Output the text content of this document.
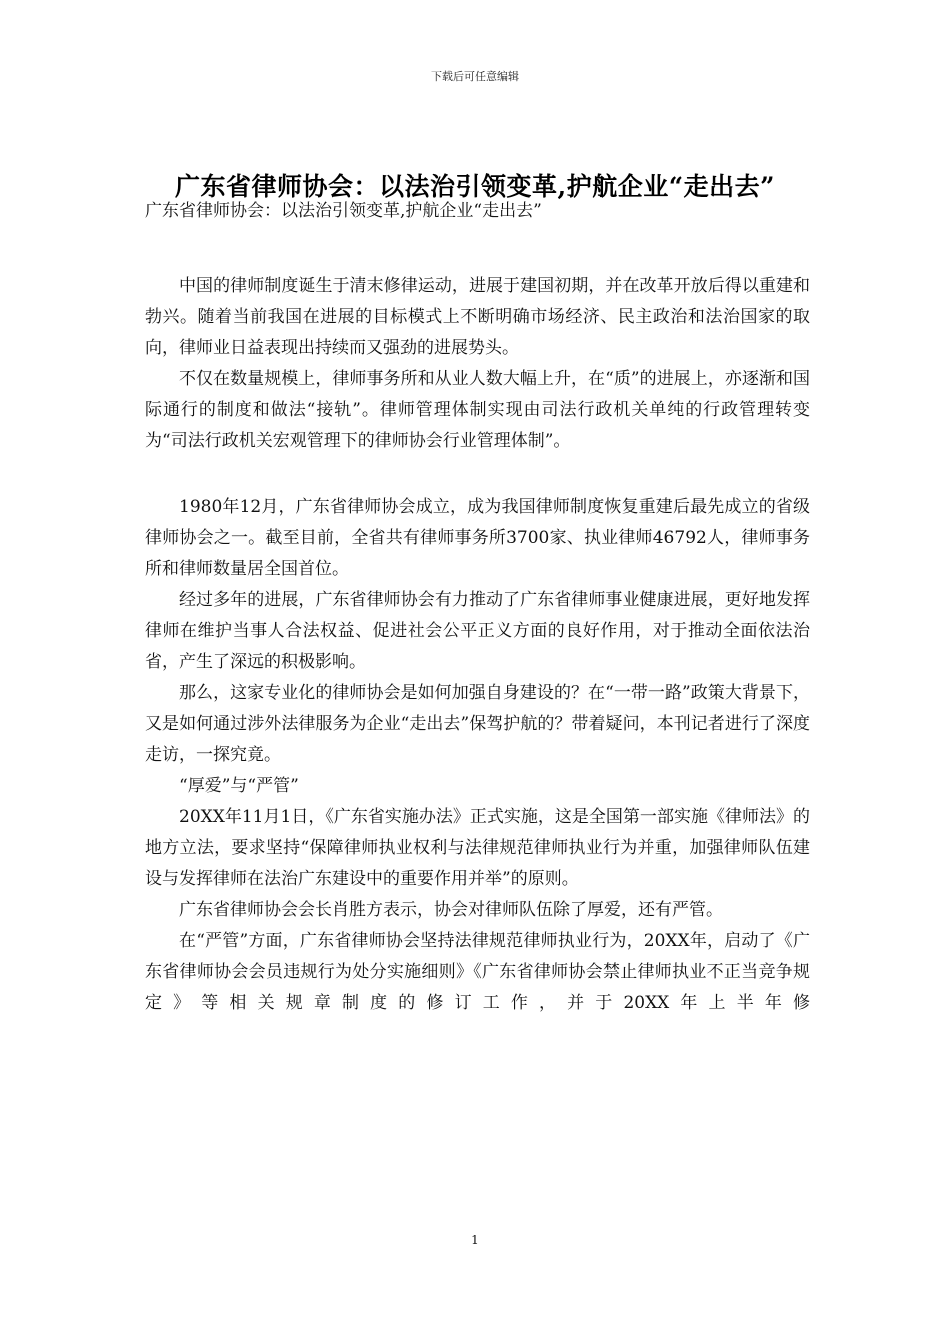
下载后可任意编辑
广东省律师协会：以法治引领变革,护航企业“走出去”

广东省律师协会：以法治引领变革,护航企业“走出去”

中国的律师制度诞生于清末修律运动，进展于建国初期，并在改革开放后得以重建和勃兴。随着当前我国在进展的目标模式上不断明确市场经济、民主政治和法治国家的取向，律师业日益表现出持续而又强劲的进展势头。

不仅在数量规模上，律师事务所和从业人数大幅上升，在“质”的进展上，亦逐渐和国际通行的制度和做法“接轨”。律师管理体制实现由司法行政机关单纯的行政管理转变为“司法行政机关宏观管理下的律师协会行业管理体制”。

1980年12月，广东省律师协会成立，成为我国律师制度恢复重建后最先成立的省级律师协会之一。截至目前，全省共有律师事务所3700家、执业律师46792人，律师事务所和律师数量居全国首位。

经过多年的进展，广东省律师协会有力推动了广东省律师事业健康进展，更好地发挥律师在维护当事人合法权益、促进社会公平正义方面的良好作用，对于推动全面依法治省，产生了深远的积极影响。

那么，这家专业化的律师协会是如何加强自身建设的？在“一带一路”政策大背景下，又是如何通过涉外法律服务为企业“走出去”保驾护航的？带着疑问，本刊记者进行了深度走访，一探究竟。

“厚爱”与“严管”

20XX年11月1日，《广东省实施办法》正式实施，这是全国第一部实施《律师法》的地方立法，要求坚持“保障律师执业权利与法律规范律师执业行为并重，加强律师队伍建设与发挥律师在法治广东建设中的重要作用并举”的原则。

广东省律师协会会长肖胜方表示，协会对律师队伍除了厚爱，还有严管。

在“严管”方面，广东省律师协会坚持法律规范律师执业行为，20XX年，启动了《广东省律师协会会员违规行为处分实施细则》《广东省律师协会禁止律师执业不正当竞争规定》等相关规章制度的修订工作，并于20XX年上半年修

1
